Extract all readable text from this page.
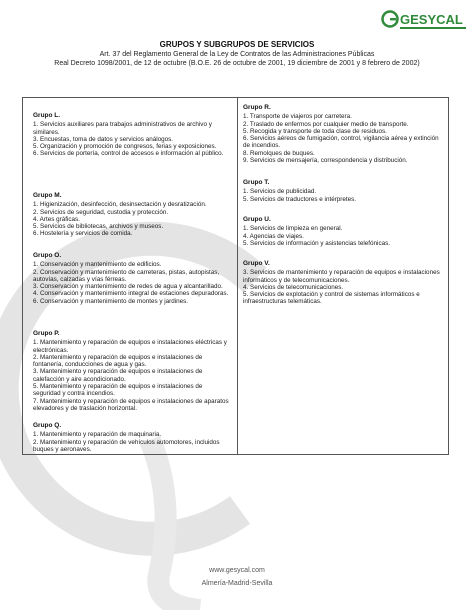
GESYCAL
GRUPOS Y SUBGRUPOS DE SERVICIOS
Art. 37 del Reglamento General de la Ley de Contratos de las Administraciones Públicas
Real Decreto 1098/2001, de 12 de octubre (B.O.E. 26 de octubre de 2001, 19 diciembre de 2001 y 8 febrero de 2002)
Grupo L.
1. Servicios auxiliares para trabajos administrativos de archivo y similares.
3. Encuestas, toma de datos y servicios análogos.
5. Organización y promoción de congresos, ferias y exposiciones.
6. Servicios de portería, control de accesos e información al público.
Grupo M.
1. Higienización, desinfección, desinsectación y desratización.
2. Servicios de seguridad, custodia y protección.
4. Artes gráficas.
5. Servicios de bibliotecas, archivos y museos.
6. Hostelería y servicios de comida.
Grupo O.
1. Conservación y mantenimiento de edificios.
2. Conservación y mantenimiento de carreteras, pistas, autopistas, autovías, calzadas y vías férreas.
3. Conservación y mantenimiento de redes de agua y alcantarillado.
4. Conservación y mantenimiento integral de estaciones depuradoras.
6. Conservación y mantenimiento de montes y jardines.
Grupo P.
1. Mantenimiento y reparación de equipos e instalaciones eléctricas y electrónicas.
2. Mantenimiento y reparación de equipos e instalaciones de fontanería, conducciones de agua y gas.
3. Mantenimiento y reparación de equipos e instalaciones de calefacción y aire acondicionado.
5. Mantenimiento y reparación de equipos e instalaciones de seguridad y contra incendios.
7. Mantenimiento y reparación de equipos e instalaciones de aparatos elevadores y de traslación horizontal.
Grupo Q.
1. Mantenimiento y reparación de maquinaria.
2. Mantenimiento y reparación de vehículos automotores, incluidos buques y aeronaves.
Grupo R.
1. Transporte de viajeros por carretera.
2. Traslado de enfermos por cualquier medio de transporte.
5. Recogida y transporte de toda clase de residuos.
6. Servicios aéreos de fumigación, control, vigilancia aérea y extinción de incendios.
8. Remolques de buques.
9. Servicios de mensajería, correspondencia y distribución.
Grupo T.
1. Servicios de publicidad.
5. Servicios de traductores e intérpretes.
Grupo U.
1. Servicios de limpieza en general.
4. Agencias de viajes.
5. Servicios de información y asistencias telefónicas.
Grupo V.
3. Servicios de mantenimiento y reparación de equipos e instalaciones informáticos y de telecomunicaciones.
4. Servicios de telecomunicaciones.
5. Servicios de explotación y control de sistemas informáticos e infraestructuras telemáticas.
www.gesycal.com
Almería-Madrid-Sevilla
